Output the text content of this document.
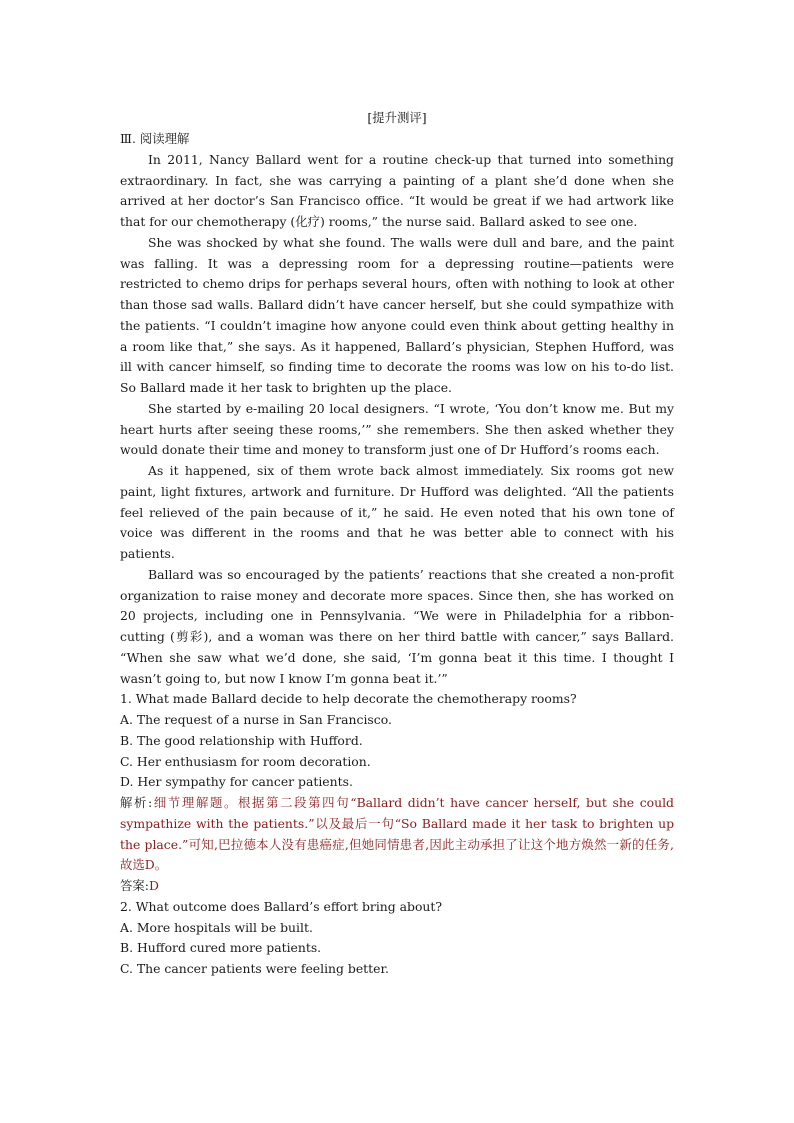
[提升测评]

Ⅲ. 阅读理解

In 2011, Nancy Ballard went for a routine check-up that turned into something extraordinary. In fact, she was carrying a painting of a plant she’d done when she arrived at her doctor’s San Francisco office. “It would be great if we had artwork like that for our chemotherapy (化疗) rooms,” the nurse said. Ballard asked to see one.

She was shocked by what she found. The walls were dull and bare, and the paint was falling. It was a depressing room for a depressing routine—patients were restricted to chemo drips for perhaps several hours, often with nothing to look at other than those sad walls. Ballard didn’t have cancer herself, but she could sympathize with the patients. “I couldn’t imagine how anyone could even think about getting healthy in a room like that,” she says. As it happened, Ballard’s physician, Stephen Hufford, was ill with cancer himself, so finding time to decorate the rooms was low on his to-do list. So Ballard made it her task to brighten up the place.

She started by e-mailing 20 local designers. “I wrote, ‘You don’t know me. But my heart hurts after seeing these rooms,’” she remembers. She then asked whether they would donate their time and money to transform just one of Dr Hufford’s rooms each.

As it happened, six of them wrote back almost immediately. Six rooms got new paint, light fixtures, artwork and furniture. Dr Hufford was delighted. “All the patients feel relieved of the pain because of it,” he said. He even noted that his own tone of voice was different in the rooms and that he was better able to connect with his patients.

Ballard was so encouraged by the patients’ reactions that she created a non-profit organization to raise money and decorate more spaces. Since then, she has worked on 20 projects, including one in Pennsylvania. “We were in Philadelphia for a ribbon-cutting (剪彩), and a woman was there on her third battle with cancer,” says Ballard. “When she saw what we’d done, she said, ‘I’m gonna beat it this time. I thought I wasn’t going to, but now I know I’m gonna beat it.’”

1. What made Ballard decide to help decorate the chemotherapy rooms?

A. The request of a nurse in San Francisco.

B. The good relationship with Hufford.

C. Her enthusiasm for room decoration.

D. Her sympathy for cancer patients.

解析:细节理解题。根据第二段第四句“Ballard didn’t have cancer herself, but she could sympathize with the patients.”以及最后一句“So Ballard made it her task to brighten up the place.”可知,巴拉德本人没有患癌症,但她同情患者,因此主动承担了让这个地方焕然一新的任务,故选D。

答案:D

2. What outcome does Ballard’s effort bring about?

A. More hospitals will be built.

B. Hufford cured more patients.

C. The cancer patients were feeling better.
